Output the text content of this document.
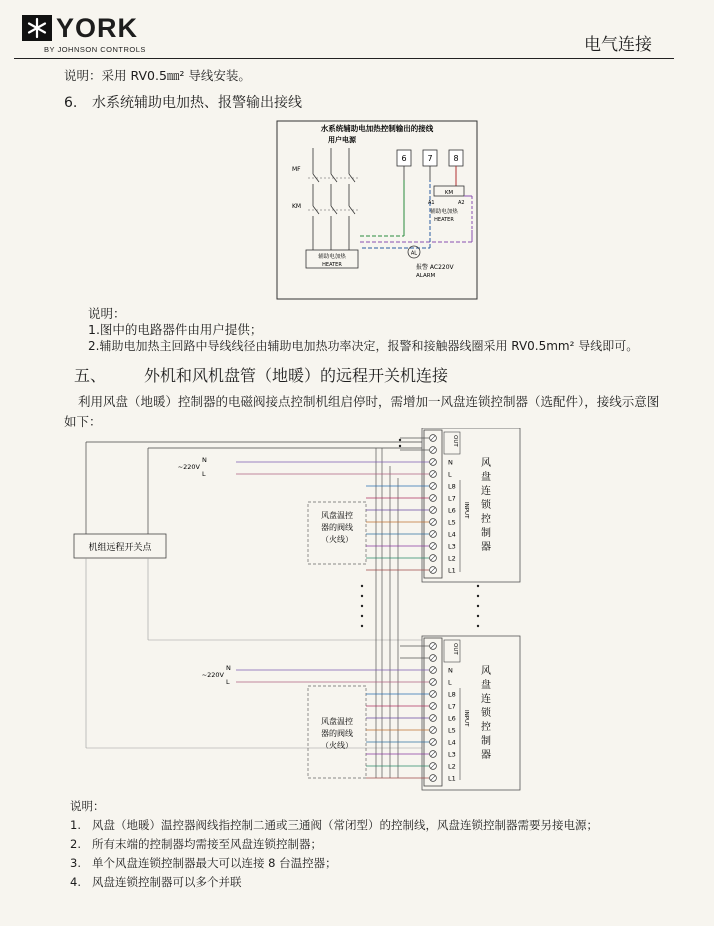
YORK
BY JOHNSON CONTROLS	电气连接
说明：采用 RV0.5㎜² 导线安装。
6. 水系统辅助电加热、报警输出接线
水系统辅助电加热控制输出的接线
用户电源
MF
KM
辅助电加热
HEATER
6	7	8
KM
A1	A2
辅助电加热
HEATER
AL
报警 AC220V
ALARM
说明：
1.图中的电路器件由用户提供；
2.辅助电加热主回路中导线线径由辅助电加热功率决定，报警和接触器线圈采用 RV0.5mm² 导线即可。
五、 外机和风机盘管（地暖）的远程开关机连接
利用风盘（地暖）控制器的电磁阀接点控制机组启停时，需增加一风盘连锁控制器（选配件），接线示意图如下：
机组远程开关点
N
L
~220V
N
L
~220V
风盘温控
器的阀线
（火线）
风盘温控
器的阀线
（火线）
N
L
L8
L7
L6
L5
L4
L3
L2
L1
OUT
INPUT
风
盘
连
锁
控
制
器
N
L
L8
L7
L6
L5
L4
L3
L2
L1
OUT
INPUT
风
盘
连
锁
控
制
器
说明：
1. 风盘（地暖）温控器阀线指控制二通或三通阀（常闭型）的控制线，风盘连锁控制器需要另接电源；
2. 所有末端的控制器均需接至风盘连锁控制器；
3. 单个风盘连锁控制器最大可以连接 8 台温控器；
4. 风盘连锁控制器可以多个并联
